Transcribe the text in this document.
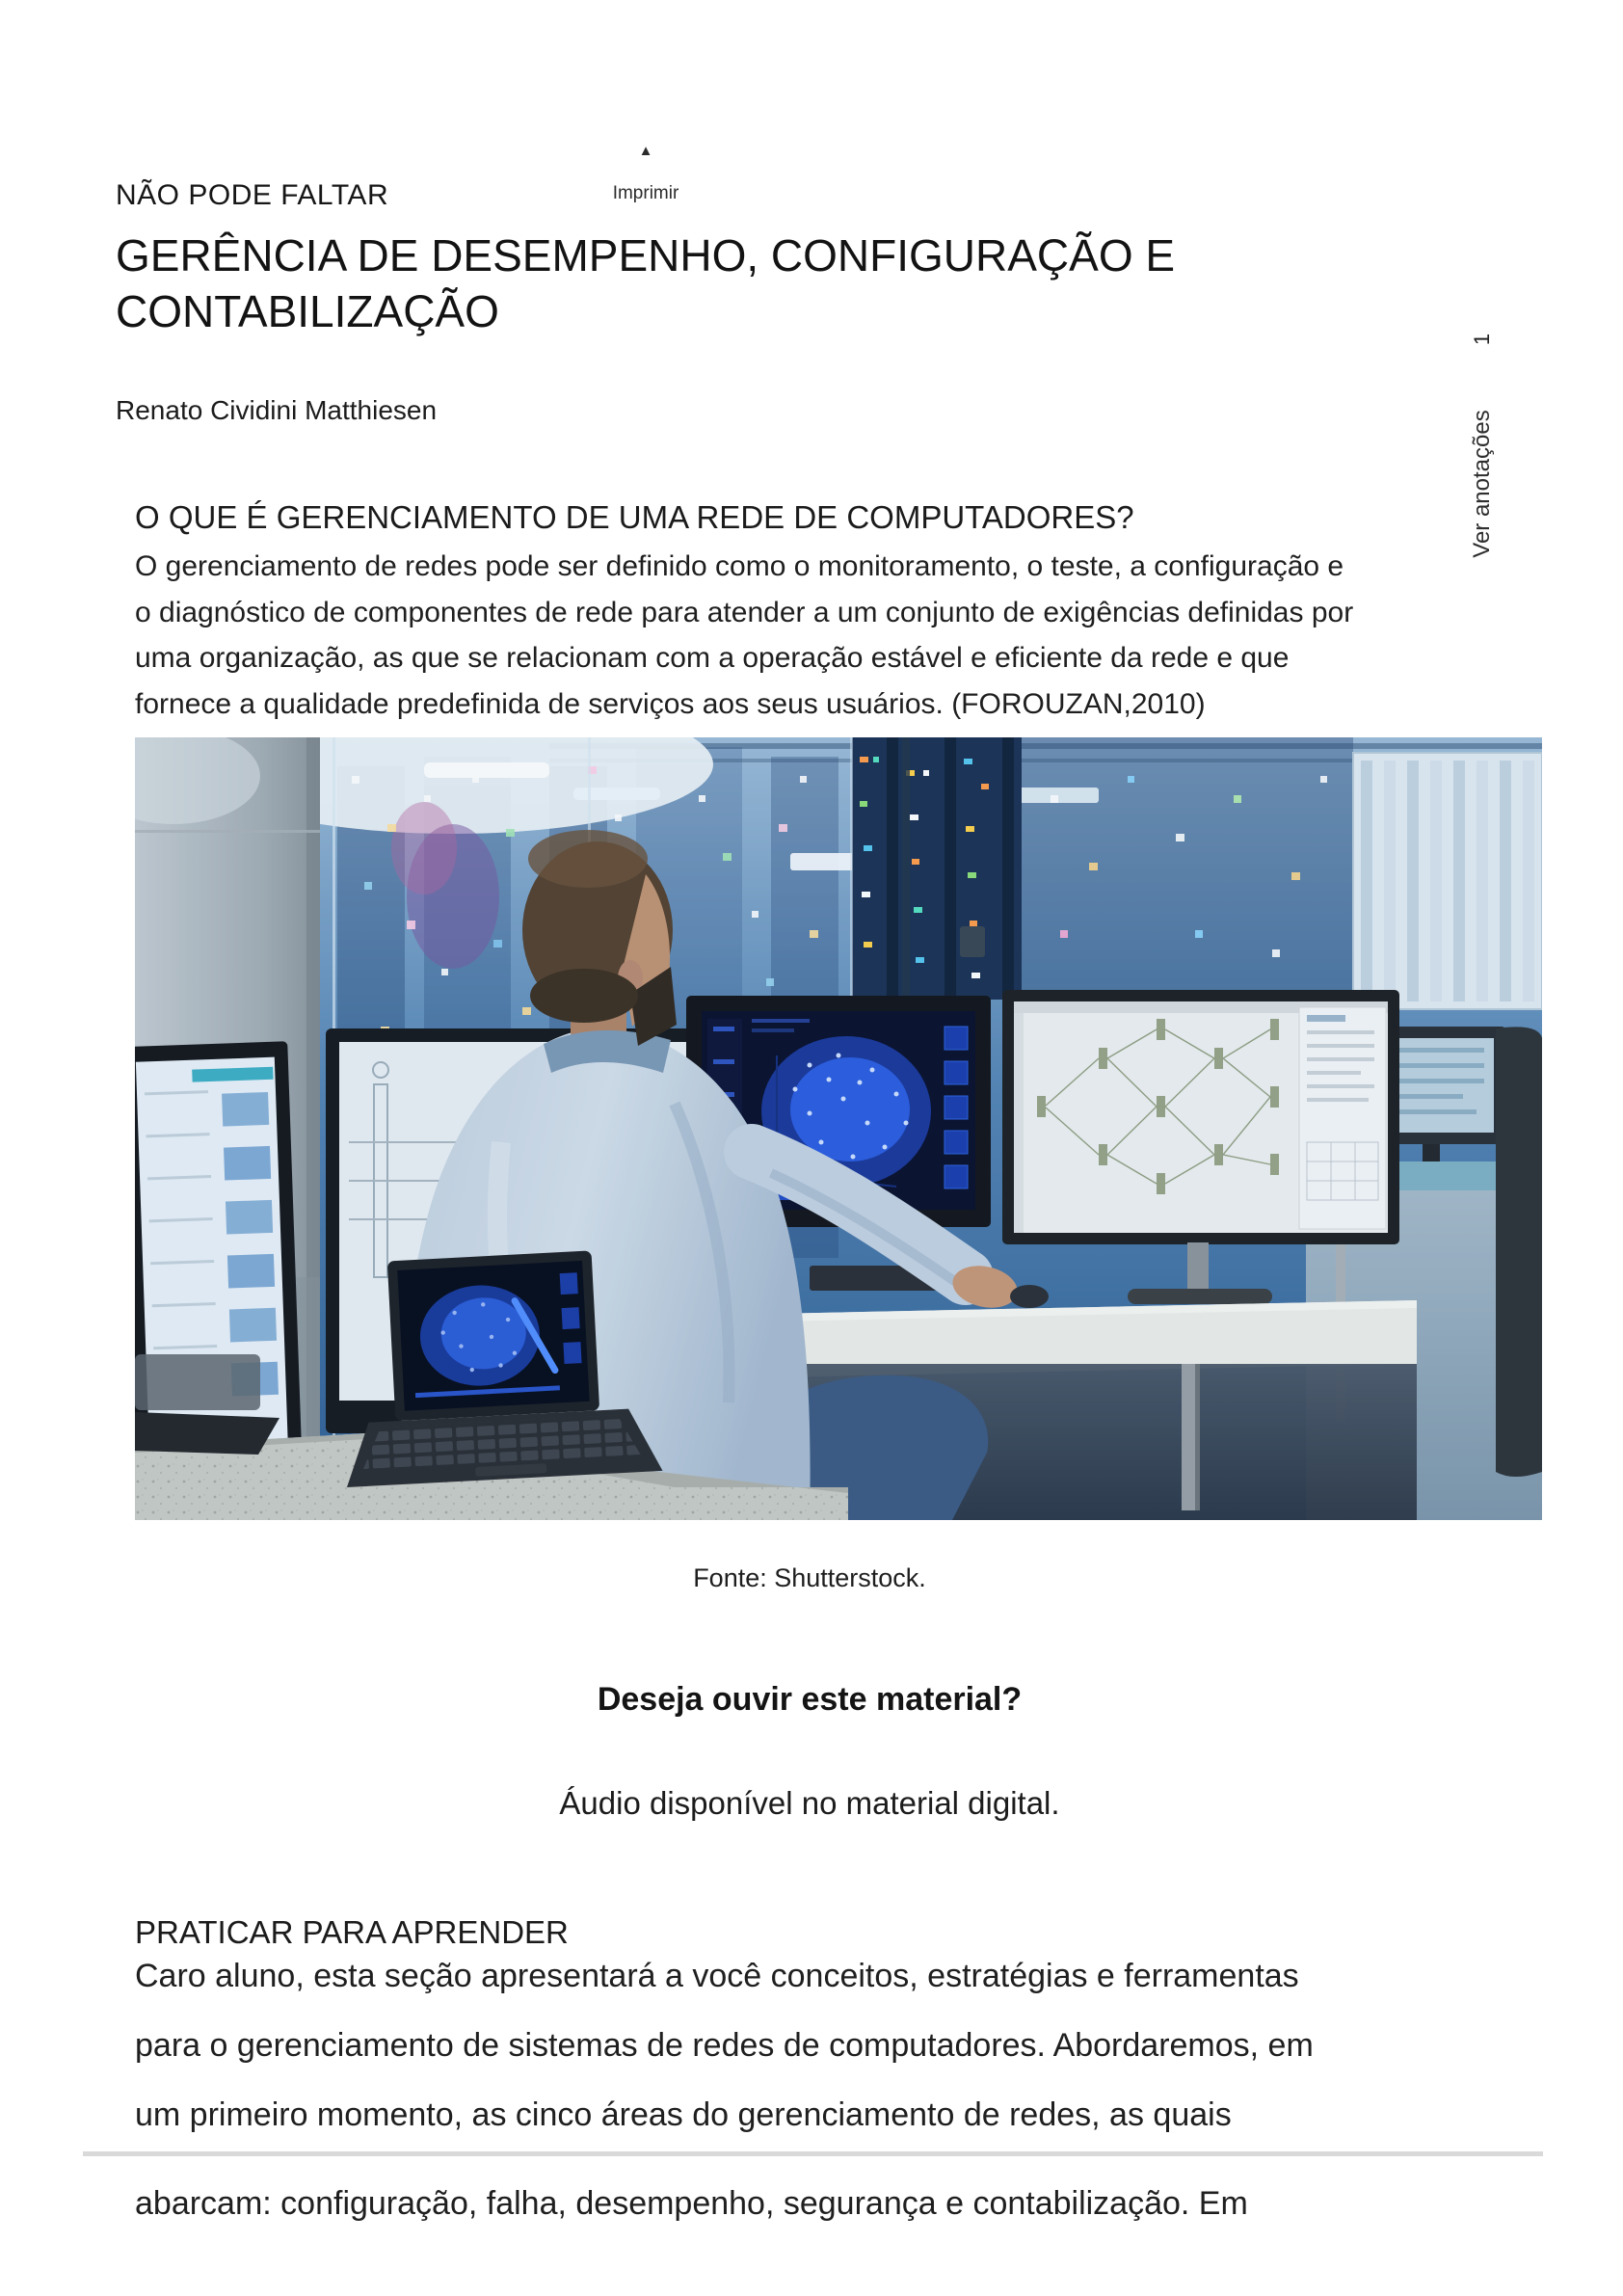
NÃO PODE FALTAR
▲
Imprimir
GERÊNCIA DE DESEMPENHO, CONFIGURAÇÃO E
CONTABILIZAÇÃO
Renato Cividini Matthiesen
1
Ver anotações
O QUE É GERENCIAMENTO DE UMA REDE DE COMPUTADORES?
O gerenciamento de redes pode ser definido como o monitoramento, o teste, a configuração e
o diagnóstico de componentes de rede para atender a um conjunto de exigências definidas por
uma organização, as que se relacionam com a operação estável e eficiente da rede e que
fornece a qualidade predefinida de serviços aos seus usuários. (FOROUZAN,2010)
Fonte: Shutterstock.
Deseja ouvir este material?
Áudio disponível no material digital.
PRATICAR PARA APRENDER
Caro aluno, esta seção apresentará a você conceitos, estratégias e ferramentas
para o gerenciamento de sistemas de redes de computadores. Abordaremos, em
um primeiro momento, as cinco áreas do gerenciamento de redes, as quais
abarcam: configuração, falha, desempenho, segurança e contabilização. Em
